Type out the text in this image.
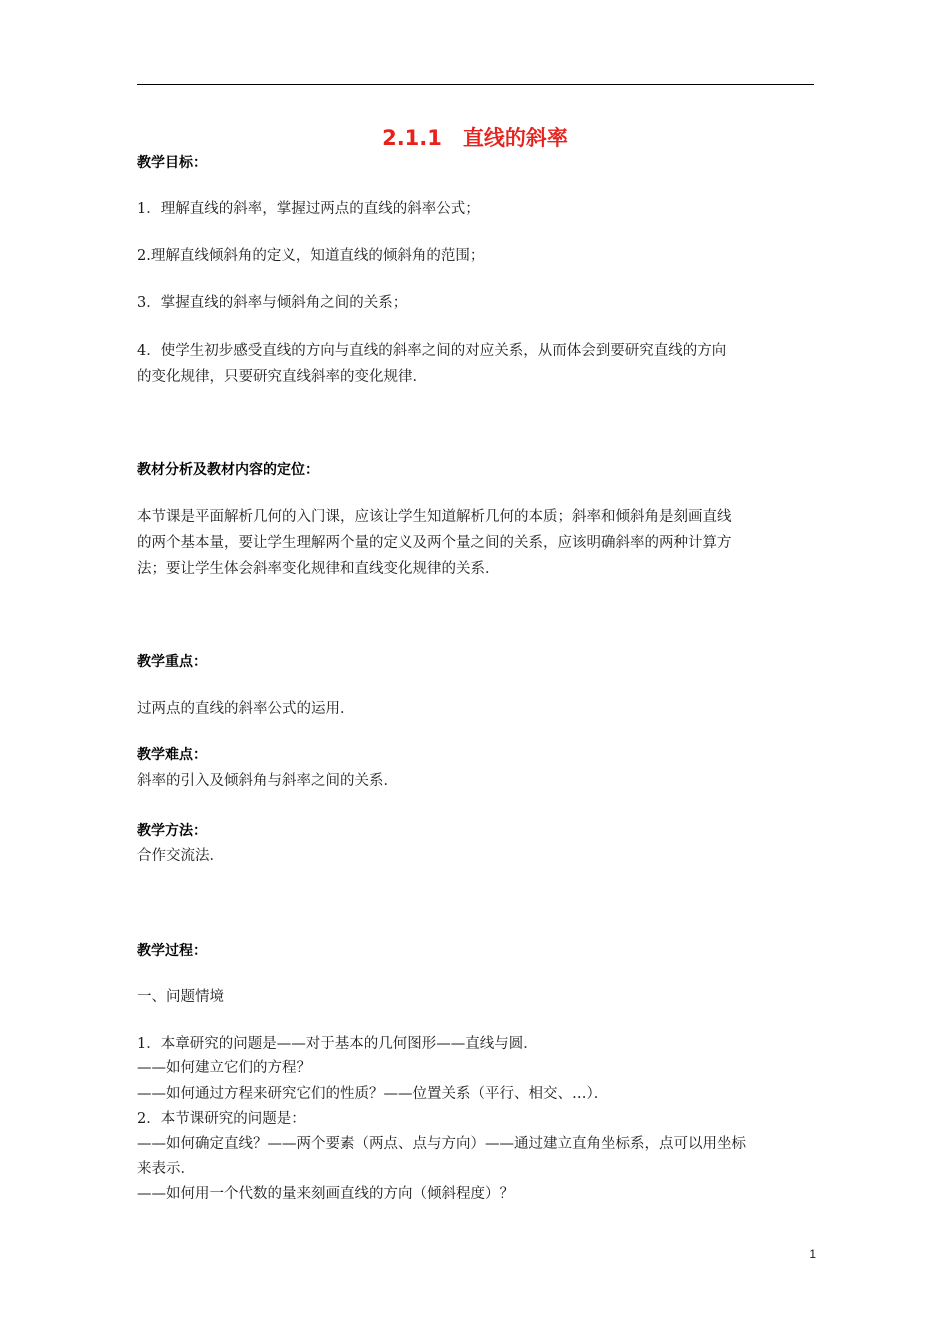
2.1.1　直线的斜率
教学目标：
1．理解直线的斜率，掌握过两点的直线的斜率公式；
2.理解直线倾斜角的定义，知道直线的倾斜角的范围；
3．掌握直线的斜率与倾斜角之间的关系；
4．使学生初步感受直线的方向与直线的斜率之间的对应关系，从而体会到要研究直线的方向
的变化规律，只要研究直线斜率的变化规律．
教材分析及教材内容的定位：
本节课是平面解析几何的入门课，应该让学生知道解析几何的本质；斜率和倾斜角是刻画直线
的两个基本量，要让学生理解两个量的定义及两个量之间的关系，应该明确斜率的两种计算方
法；要让学生体会斜率变化规律和直线变化规律的关系．
教学重点：
过两点的直线的斜率公式的运用．
教学难点：
斜率的引入及倾斜角与斜率之间的关系．
教学方法：
合作交流法．
教学过程：
一、问题情境
1．本章研究的问题是——对于基本的几何图形——直线与圆．
——如何建立它们的方程？
——如何通过方程来研究它们的性质？——位置关系（平行、相交、…）．
2．本节课研究的问题是：
——如何确定直线？——两个要素（两点、点与方向）——通过建立直角坐标系，点可以用坐标
来表示．
——如何用一个代数的量来刻画直线的方向（倾斜程度）？
1
